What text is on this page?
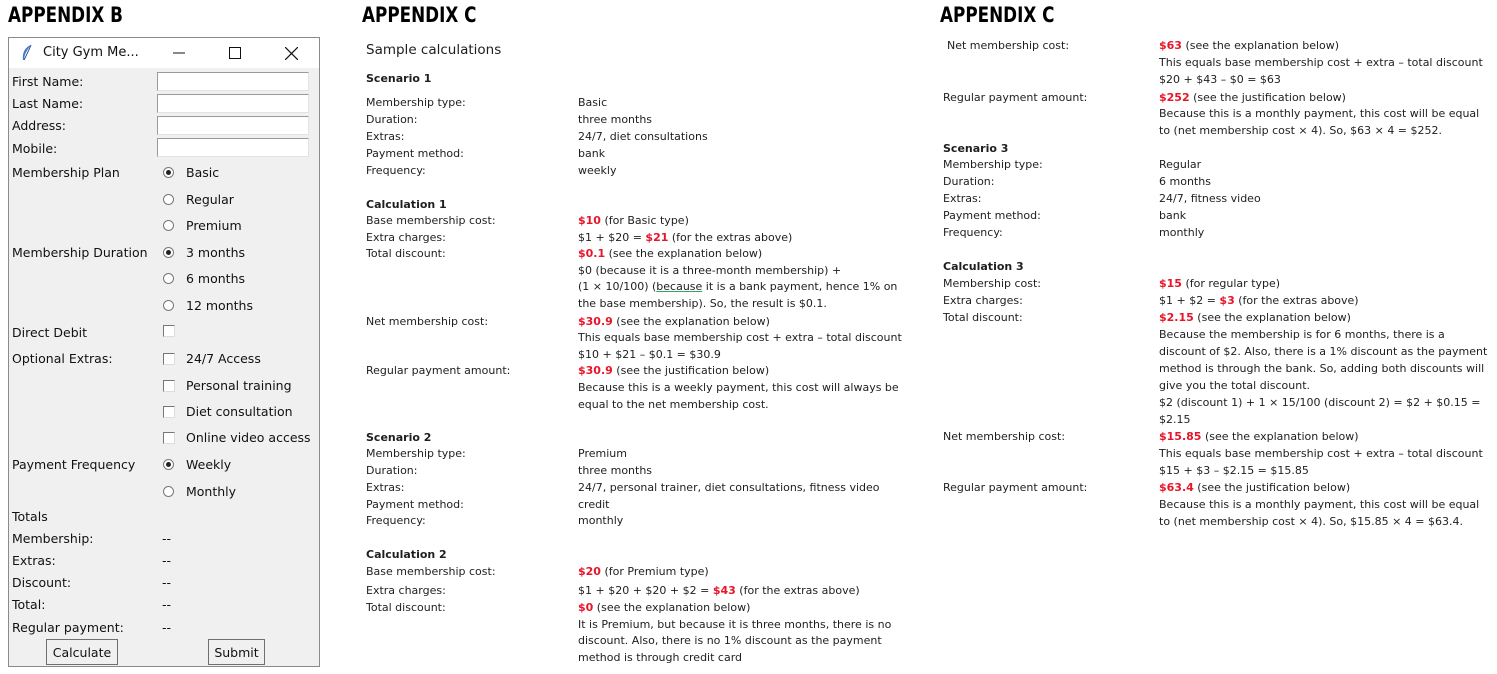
APPENDIX B	APPENDIX C	APPENDIX C
City Gym Me...
First Name:
Last Name:
Address:
Mobile:
Membership Plan	Basic
Regular
Premium
Membership Duration	3 months
6 months
12 months
Direct Debit
Optional Extras:	24/7 Access
Personal training
Diet consultation
Online video access
Payment Frequency	Weekly
Monthly
Totals
Membership:	--
Extras:	--
Discount:	--
Total:	--
Regular payment:	--
Calculate	Submit
Sample calculations
Scenario 1
Membership type:	Basic
Duration:	three months
Extras:	24/7, diet consultations
Payment method:	bank
Frequency:	weekly
Calculation 1
Base membership cost:	$10 (for Basic type)
Extra charges:	$1 + $20 = $21 (for the extras above)
Total discount:	$0.1 (see the explanation below)
$0 (because it is a three-month membership) +
(1 × 10/100) (because it is a bank payment, hence 1% on
the base membership). So, the result is $0.1.
Net membership cost:	$30.9 (see the explanation below)
This equals base membership cost + extra – total discount
$10 + $21 – $0.1 = $30.9
Regular payment amount:	$30.9 (see the justification below)
Because this is a weekly payment, this cost will always be
equal to the net membership cost.
Scenario 2
Membership type:	Premium
Duration:	three months
Extras:	24/7, personal trainer, diet consultations, fitness video
Payment method:	credit
Frequency:	monthly
Calculation 2
Base membership cost:	$20 (for Premium type)
Extra charges:	$1 + $20 + $20 + $2 = $43 (for the extras above)
Total discount:	$0 (see the explanation below)
It is Premium, but because it is three months, there is no
discount. Also, there is no 1% discount as the payment
method is through credit card
Net membership cost:	$63 (see the explanation below)
This equals base membership cost + extra – total discount
$20 + $43 – $0 = $63
Regular payment amount:	$252 (see the justification below)
Because this is a monthly payment, this cost will be equal
to (net membership cost × 4). So, $63 × 4 = $252.
Scenario 3
Membership type:	Regular
Duration:	6 months
Extras:	24/7, fitness video
Payment method:	bank
Frequency:	monthly
Calculation 3
Membership cost:	$15 (for regular type)
Extra charges:	$1 + $2 = $3 (for the extras above)
Total discount:	$2.15 (see the explanation below)
Because the membership is for 6 months, there is a
discount of $2. Also, there is a 1% discount as the payment
method is through the bank. So, adding both discounts will
give you the total discount.
$2 (discount 1) + 1 × 15/100 (discount 2) = $2 + $0.15 =
$2.15
Net membership cost:	$15.85 (see the explanation below)
This equals base membership cost + extra – total discount
$15 + $3 – $2.15 = $15.85
Regular payment amount:	$63.4 (see the justification below)
Because this is a monthly payment, this cost will be equal
to (net membership cost × 4). So, $15.85 × 4 = $63.4.
